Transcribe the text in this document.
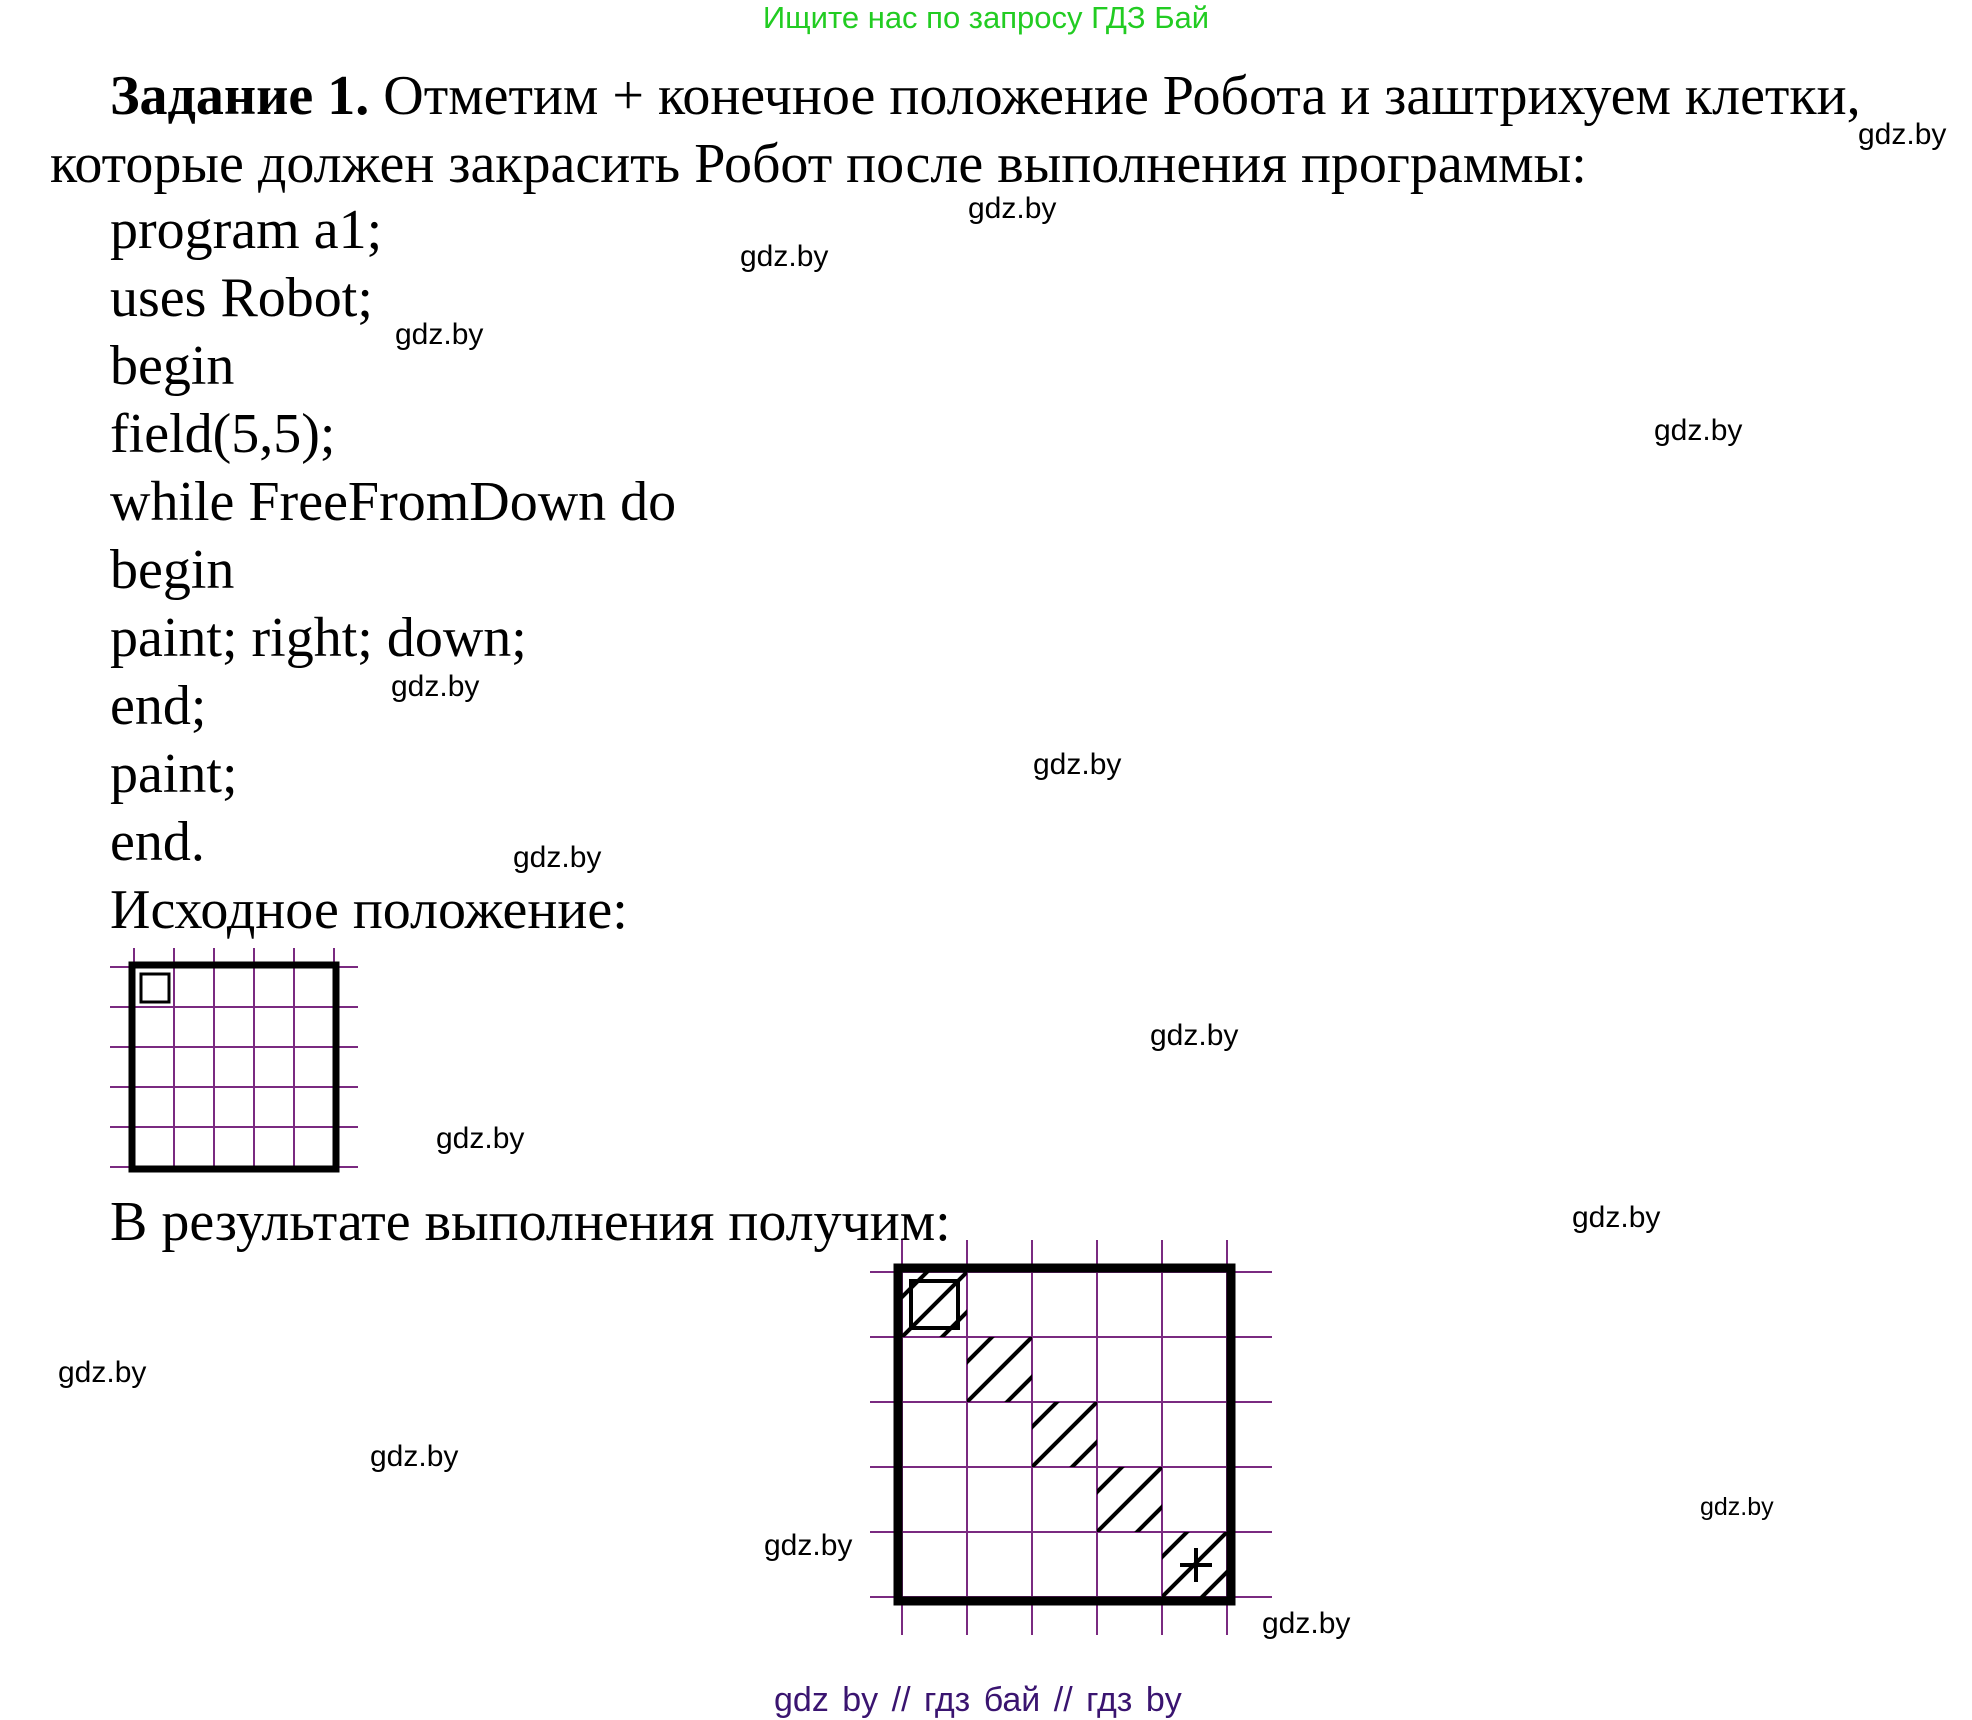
Ищите нас по запросу ГДЗ Бай
Задание 1. Отметим + конечное положение Робота и заштрихуем клетки,
которые должен закрасить Робот после выполнения программы:
program a1;
uses Robot;
begin
field(5,5);
while FreeFromDown do
begin
paint; right; down;
end;
paint;
end.
Исходное положение:
В результате выполнения получим:
gdz.by
gdz.by
gdz.by
gdz.by
gdz.by
gdz.by
gdz.by
gdz.by
gdz.by
gdz.by
gdz.by
gdz.by
gdz.by
gdz.by
gdz.by
gdz.by
gdz by // гдз бай // гдз by
